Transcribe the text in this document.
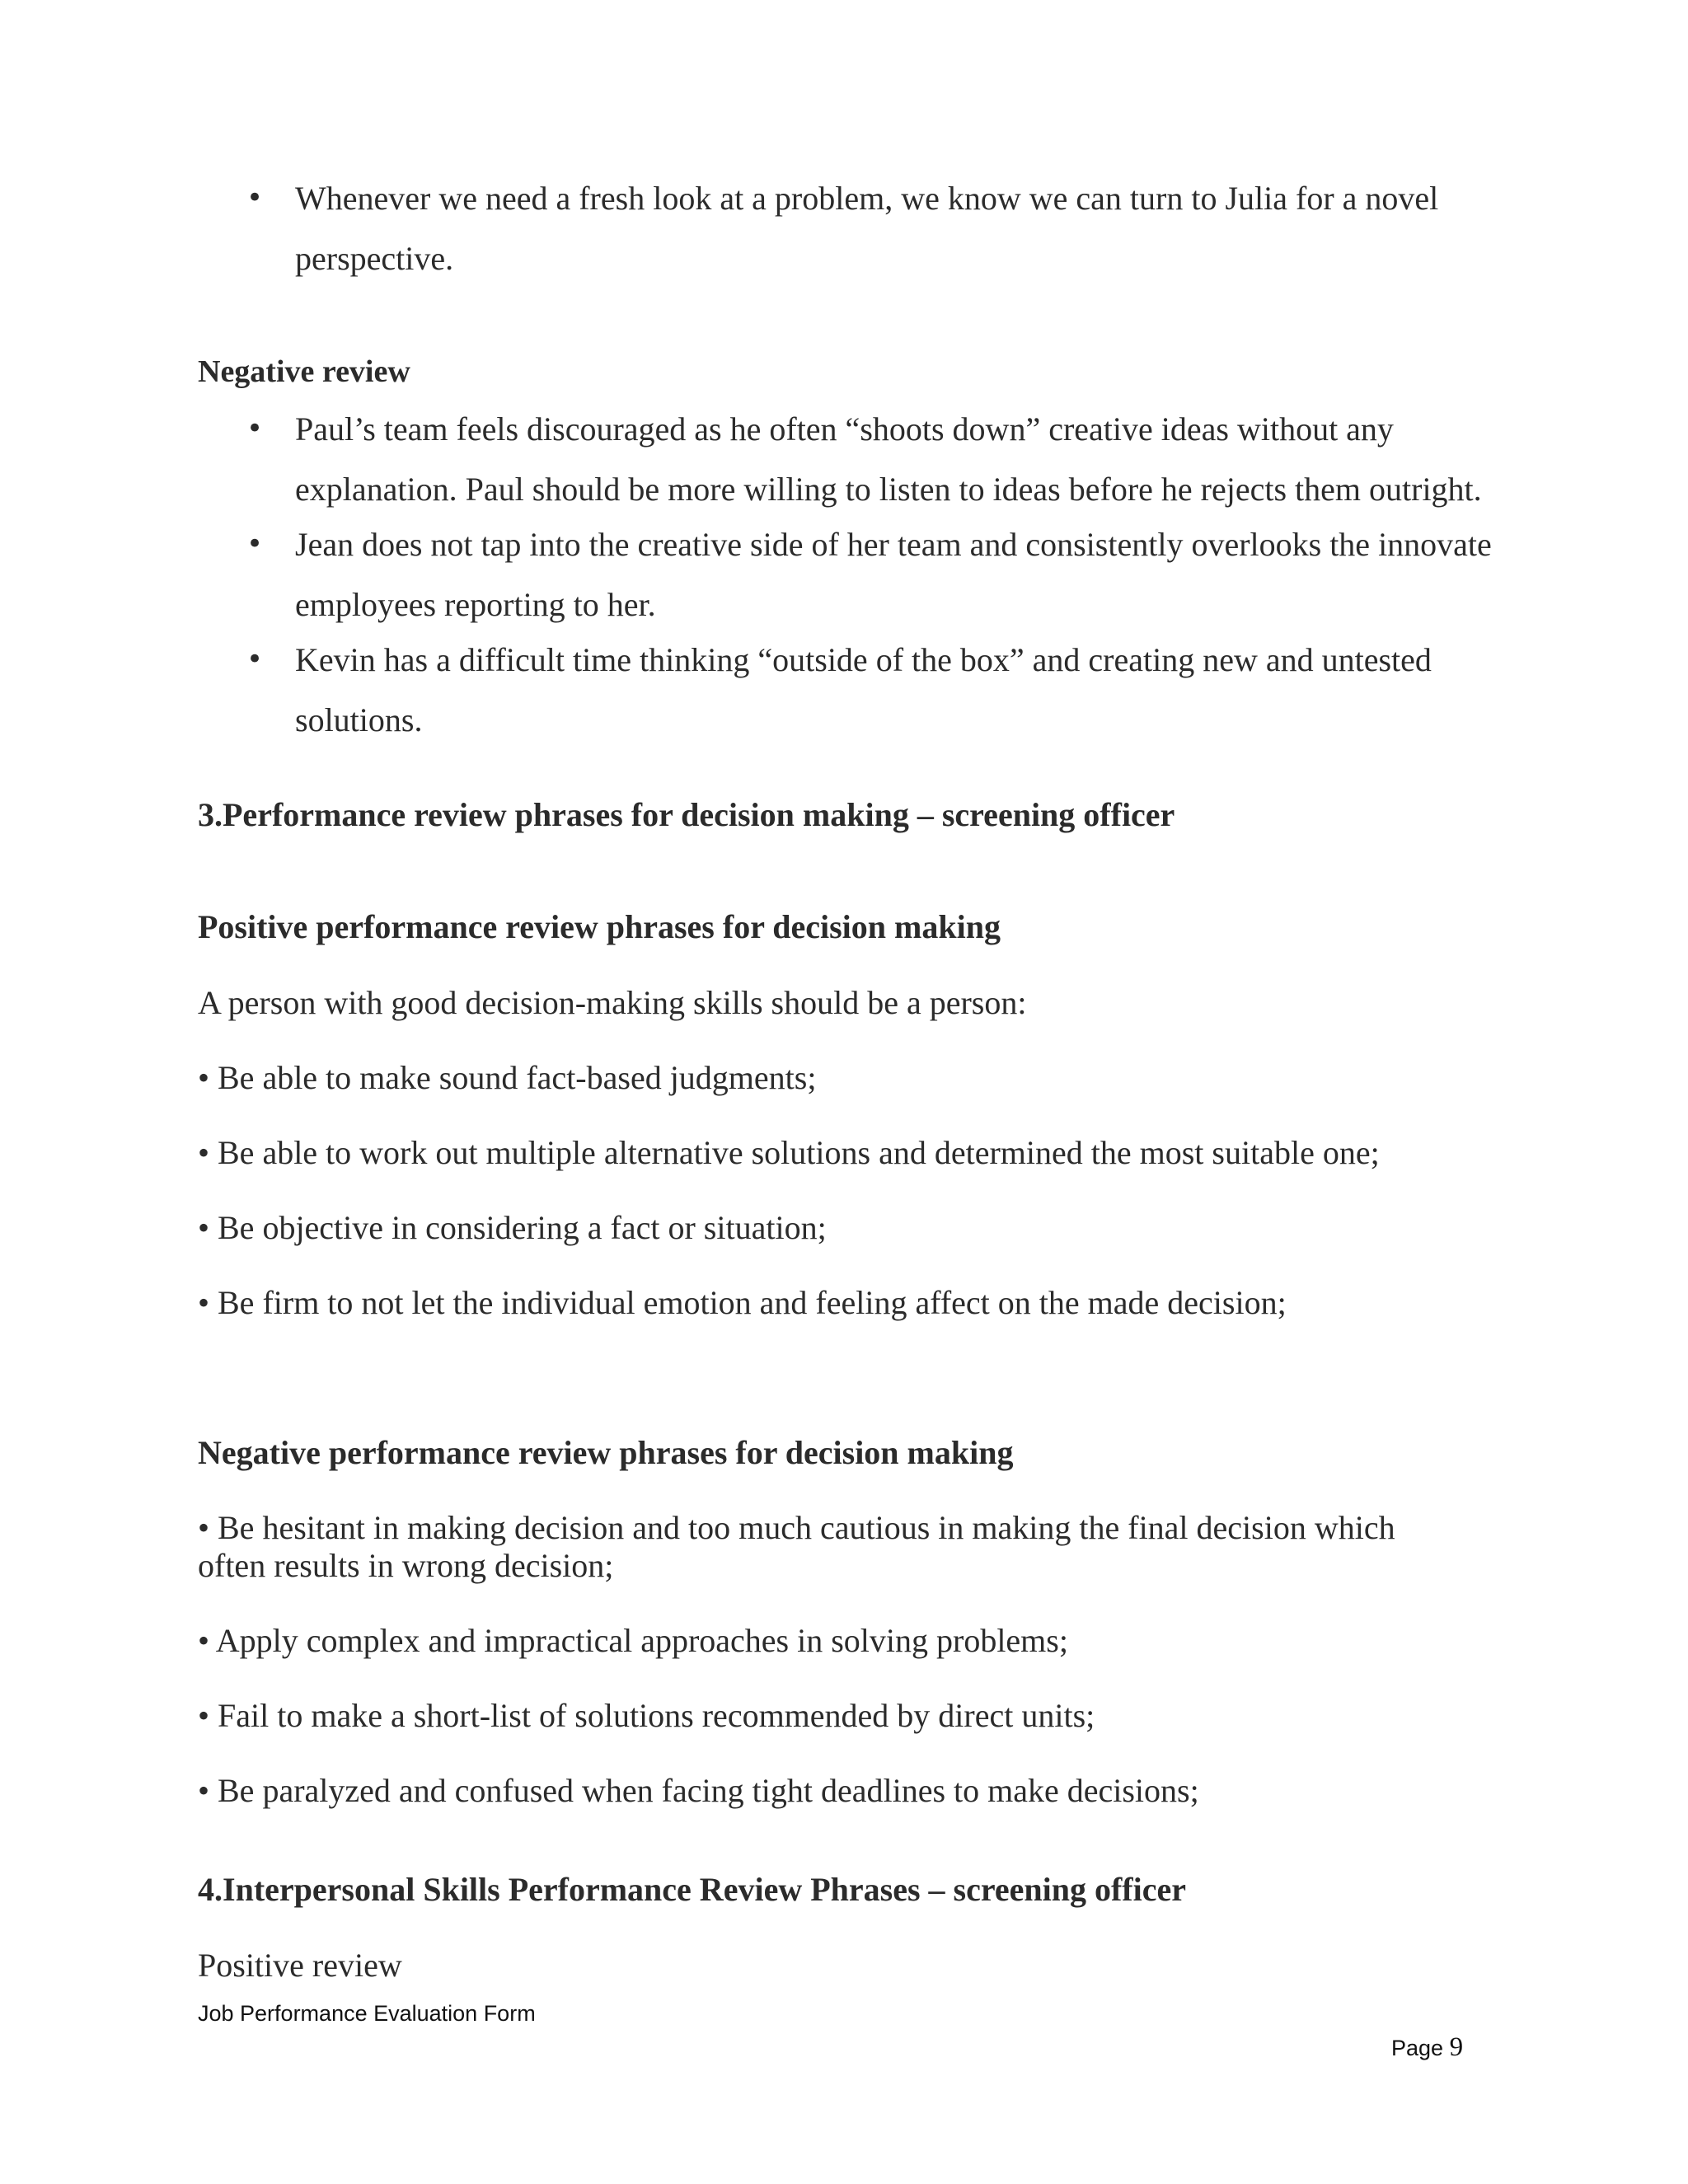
• Whenever we need a fresh look at a problem, we know we can turn to Julia for a novel perspective.
Negative review
• Paul’s team feels discouraged as he often “shoots down” creative ideas without any explanation. Paul should be more willing to listen to ideas before he rejects them outright.
• Jean does not tap into the creative side of her team and consistently overlooks the innovate employees reporting to her.
• Kevin has a difficult time thinking “outside of the box” and creating new and untested solutions.
3.Performance review phrases for decision making – screening officer
Positive performance review phrases for decision making
A person with good decision-making skills should be a person:
• Be able to make sound fact-based judgments;
• Be able to work out multiple alternative solutions and determined the most suitable one;
• Be objective in considering a fact or situation;
• Be firm to not let the individual emotion and feeling affect on the made decision;
Negative performance review phrases for decision making
• Be hesitant in making decision and too much cautious in making the final decision which often results in wrong decision;
• Apply complex and impractical approaches in solving problems;
• Fail to make a short-list of solutions recommended by direct units;
• Be paralyzed and confused when facing tight deadlines to make decisions;
4.Interpersonal Skills Performance Review Phrases – screening officer
Positive review
Job Performance Evaluation Form
Page 9
